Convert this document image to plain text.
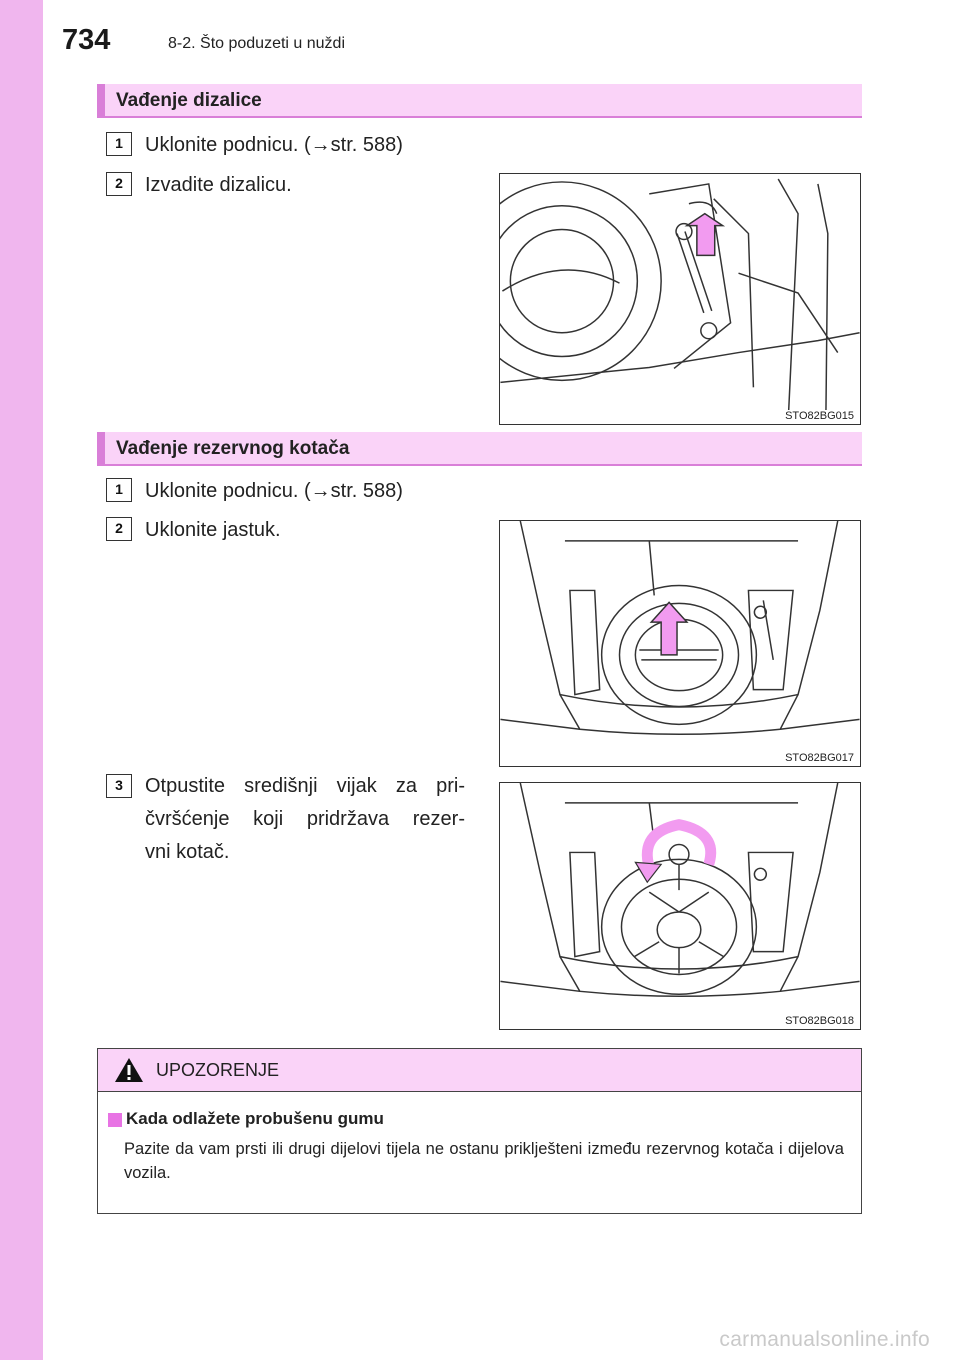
734	8-2. Što poduzeti u nuždi
Vađenje dizalice
1	Uklonite podnicu. (→str. 588)
2	Izvadite dizalicu.
STO82BG015
Vađenje rezervnog kotača
1	Uklonite podnicu. (→str. 588)
2	Uklonite jastuk.
STO82BG017
3	Otpustite središnji vijak za pri-
čvršćenje koji pridržava rezer-
vni kotač.
STO82BG018
UPOZORENJE
Kada odlažete probušenu gumu
Pazite da vam prsti ili drugi dijelovi tijela ne ostanu priklješteni između rezervnog kotača i dijelova vozila.
carmanualsonline.info
